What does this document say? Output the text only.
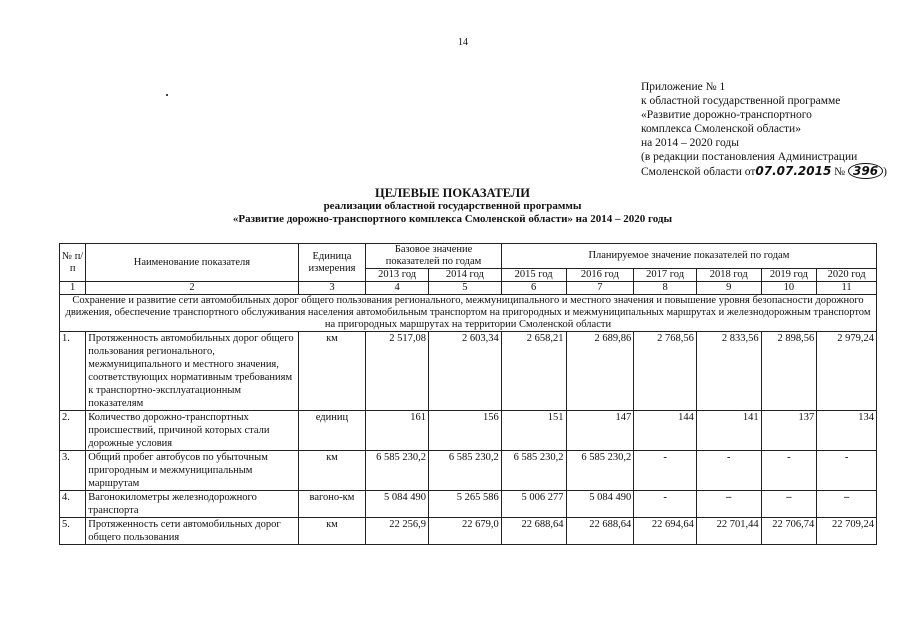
14
Приложение № 1
к областной государственной программе
«Развитие дорожно-транспортного
комплекса Смоленской области»
на 2014 – 2020 годы
(в редакции постановления Администрации
Смоленской области от07.07.2015 № 396 )
ЦЕЛЕВЫЕ ПОКАЗАТЕЛИ
реализации областной государственной программы
«Развитие дорожно-транспортного комплекса Смоленской области» на 2014 – 2020 годы
№ п/п	Наименование показателя	Единица измерения	Базовое значение показателей по годам		Планируемое значение показателей по годам					
			2013 год	2014 год	2015 год	2016 год	2017 год	2018 год	2019 год	2020 год
1	2	3	4	5	6	7	8	9	10	11
Сохранение и развитие сети автомобильных дорог общего пользования регионального, межмуниципального и местного значения и повышение уровня безопасности дорожного движения, обеспечение транспортного обслуживания населения автомобильным транспортом на пригородных и межмуниципальных маршрутах и железнодорожным транспортом на пригородных маршрутах на территории Смоленской области										
1.	Протяженность автомобильных дорог общего пользования регионального, межмуниципального и местного значения, соответствующих нормативным требованиям к транспортно-эксплуатационным показателям	км	2 517,08	2 603,34	2 658,21	2 689,86	2 768,56	2 833,56	2 898,56	2 979,24
2.	Количество дорожно-транспортных происшествий, причиной которых стали дорожные условия	единиц	161	156	151	147	144	141	137	134
3.	Общий пробег автобусов по убыточным пригородным и межмуниципальным маршрутам	км	6 585 230,2	6 585 230,2	6 585 230,2	6 585 230,2	-	-	-	-
4.	Вагонокилометры железнодорожного транспорта	вагоно-км	5 084 490	5 265 586	5 006 277	5 084 490	-	–	–	–
5.	Протяженность сети автомобильных дорог общего пользования	км	22 256,9	22 679,0	22 688,64	22 688,64	22 694,64	22 701,44	22 706,74	22 709,24
